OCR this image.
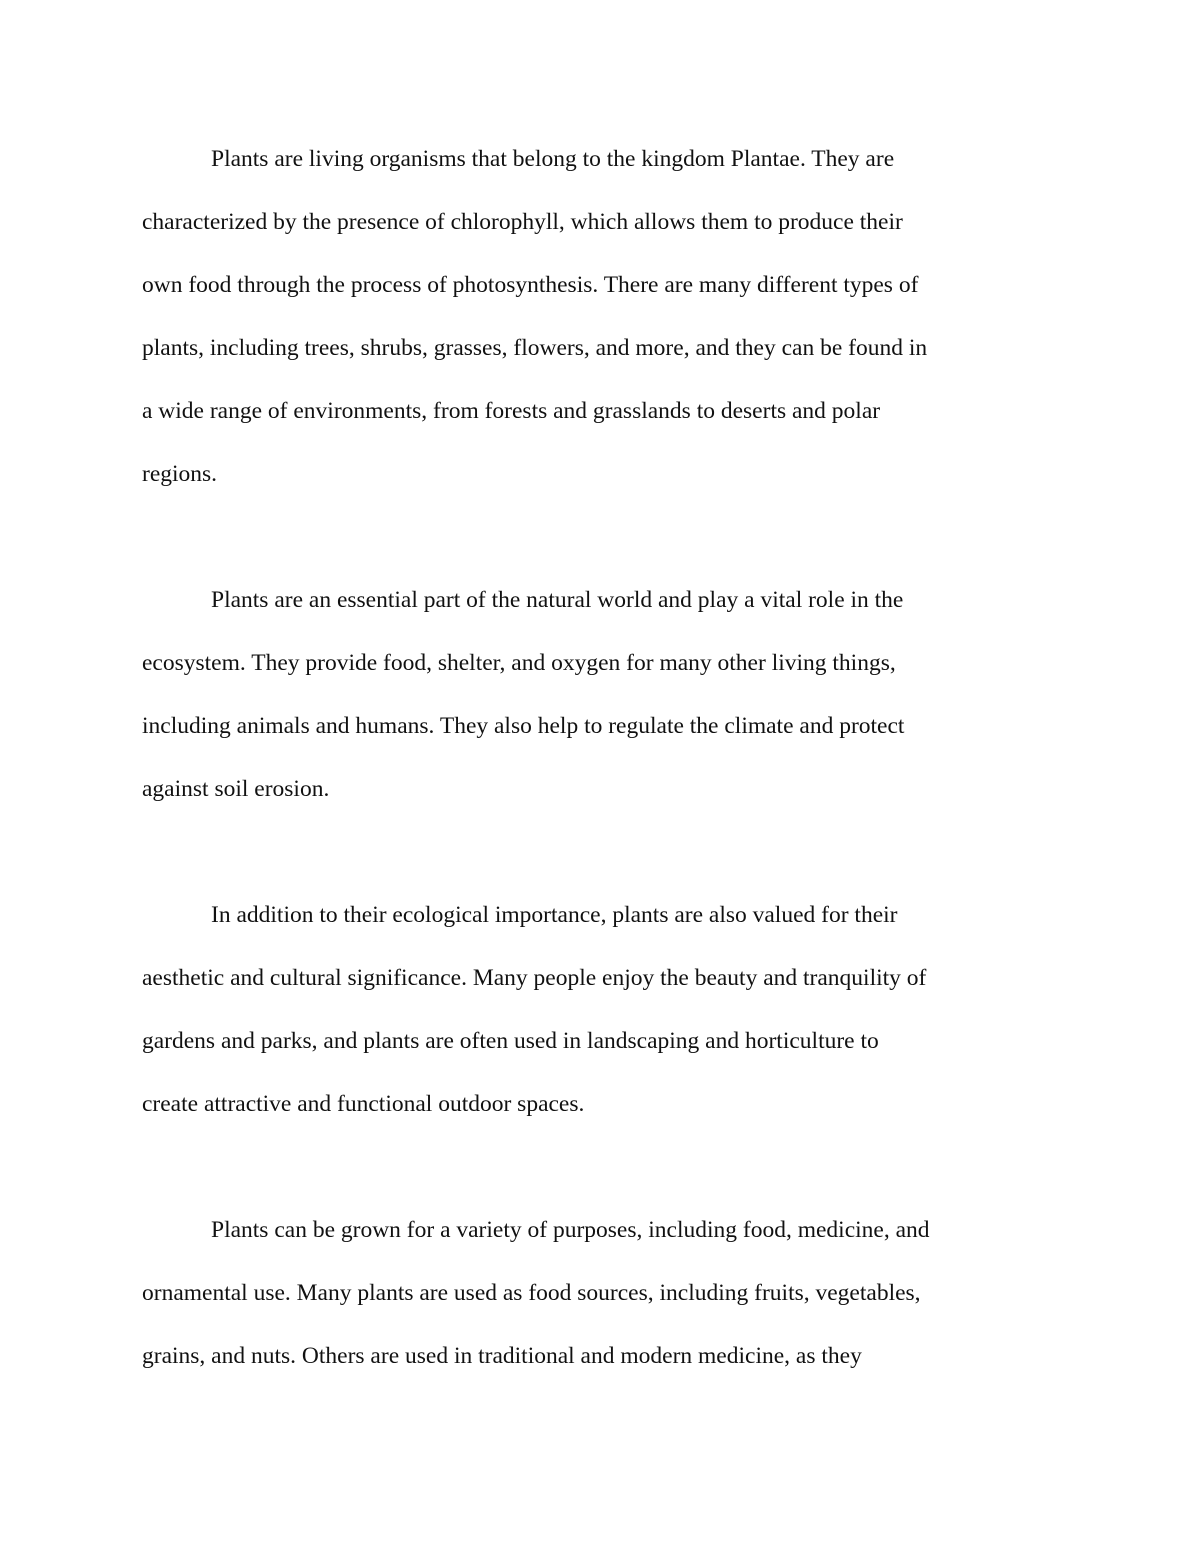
Plants are living organisms that belong to the kingdom Plantae. They are
characterized by the presence of chlorophyll, which allows them to produce their
own food through the process of photosynthesis. There are many different types of
plants, including trees, shrubs, grasses, flowers, and more, and they can be found in
a wide range of environments, from forests and grasslands to deserts and polar
regions.
Plants are an essential part of the natural world and play a vital role in the
ecosystem. They provide food, shelter, and oxygen for many other living things,
including animals and humans. They also help to regulate the climate and protect
against soil erosion.
In addition to their ecological importance, plants are also valued for their
aesthetic and cultural significance. Many people enjoy the beauty and tranquility of
gardens and parks, and plants are often used in landscaping and horticulture to
create attractive and functional outdoor spaces.
Plants can be grown for a variety of purposes, including food, medicine, and
ornamental use. Many plants are used as food sources, including fruits, vegetables,
grains, and nuts. Others are used in traditional and modern medicine, as they
